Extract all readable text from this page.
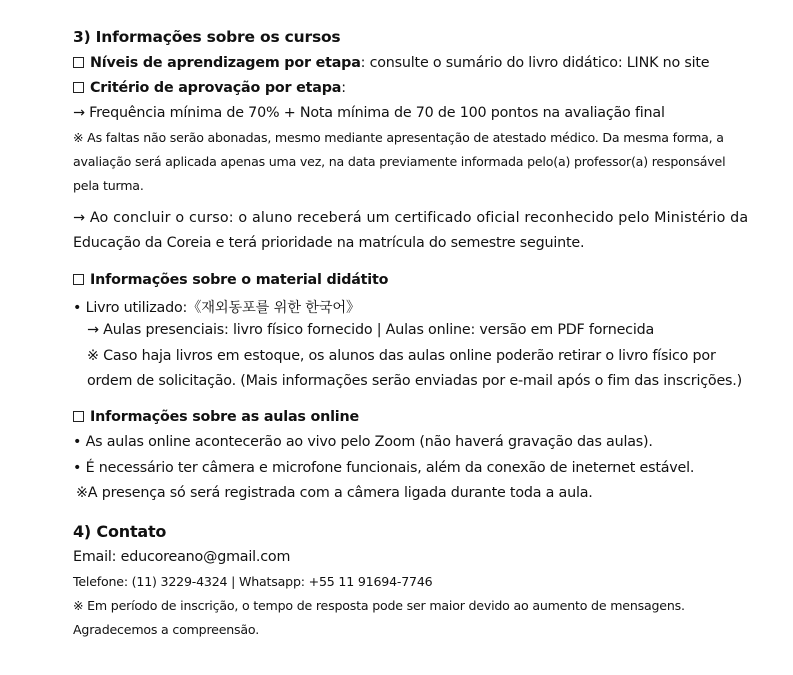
3) Informações sobre os cursos
Níveis de aprendizagem por etapa: consulte o sumário do livro didático: LINK no site
Critério de aprovação por etapa:
→ Frequência mínima de 70% + Nota mínima de 70 de 100 pontos na avaliação final
※ As faltas não serão abonadas, mesmo mediante apresentação de atestado médico. Da mesma forma, a
avaliação será aplicada apenas uma vez, na data previamente informada pelo(a) professor(a) responsável
pela turma.
→ Ao concluir o curso: o aluno receberá um certificado oficial reconhecido pelo Ministério da
Educação da Coreia e terá prioridade na matrícula do semestre seguinte.
Informações sobre o material didátito
• Livro utilizado:《재외동포를 위한 한국어》
→ Aulas presenciais: livro físico fornecido | Aulas online: versão em PDF fornecida
※ Caso haja livros em estoque, os alunos das aulas online poderão retirar o livro físico por
ordem de solicitação. (Mais informações serão enviadas por e-mail após o fim das inscrições.)
Informações sobre as aulas online
• As aulas online acontecerão ao vivo pelo Zoom (não haverá gravação das aulas).
• É necessário ter câmera e microfone funcionais, além da conexão de ineternet estável.
※A presença só será registrada com a câmera ligada durante toda a aula.
4) Contato
Email: educoreano@gmail.com
Telefone: (11) 3229-4324 | Whatsapp: +55 11 91694-7746
※ Em período de inscrição, o tempo de resposta pode ser maior devido ao aumento de mensagens.
Agradecemos a compreensão.
